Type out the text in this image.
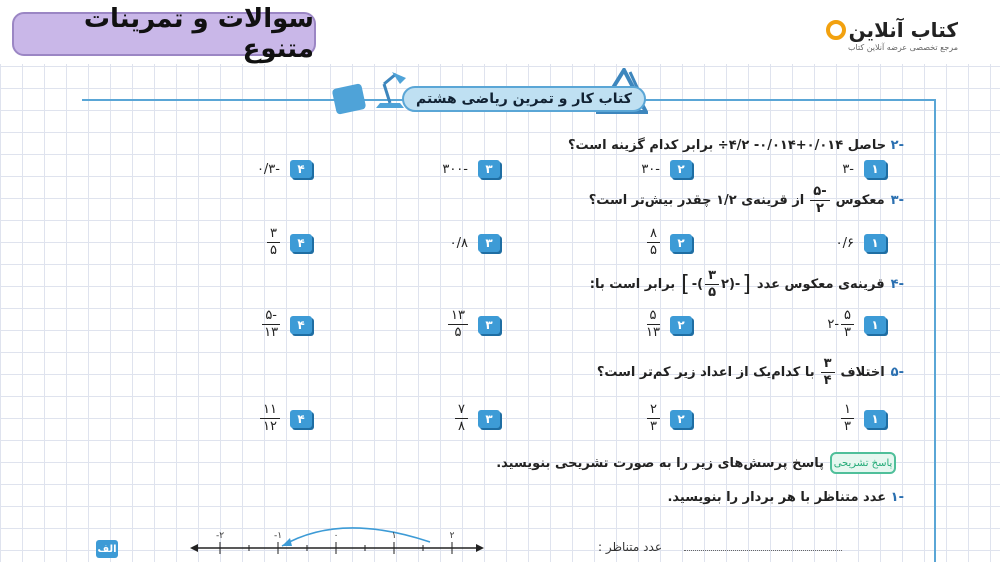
سوالات و تمرینات متنوع
کتاب آنلاین
مرجع تخصصی عرضه آنلاین کتاب
کتاب کار و تمرین ریاضی هشتم
-۲ حاصل ۰/۰۱۴+۰/۰۱۴- ۴/۲÷ برابر کدام گزینه است؟
۱
-۳
۲
-۳۰
۳
-۳۰۰
۴
-۰/۳
-۳
معکوس
$\frac{-۵}{۲}$
از قرینه‌ی ۱/۲ چقدر بیش‌تر است؟
۱
۰/۶
۲
$\frac{۸}{۵}$
۳
۰/۸
۴
$\frac{۳}{۵}$
-۴
قرینه‌ی معکوس عدد
[
-(۲
$\frac{۳}{۵}$
)-
]
برابر است با:
۱
$\frac{۵}{۳}$
-۲
۲
$\frac{۵}{۱۳}$
۳
$\frac{۱۳}{۵}$
۴
$\frac{-۵}{۱۳}$
-۵
اختلاف
$\frac{۳}{۴}$
با کدام‌یک از اعداد زیر کم‌تر است؟
۱
$\frac{۱}{۳}$
۲
$\frac{۲}{۳}$
۳
$\frac{۷}{۸}$
۴
$\frac{۱۱}{۱۲}$
پاسخ تشریحی
پاسخ پرسش‌های زیر را به صورت تشریحی بنویسید.
-۱ عدد متناظر با هر بردار را بنویسید.
الف
-۲	-۱	۰	۱	۲
عدد متناظر :
